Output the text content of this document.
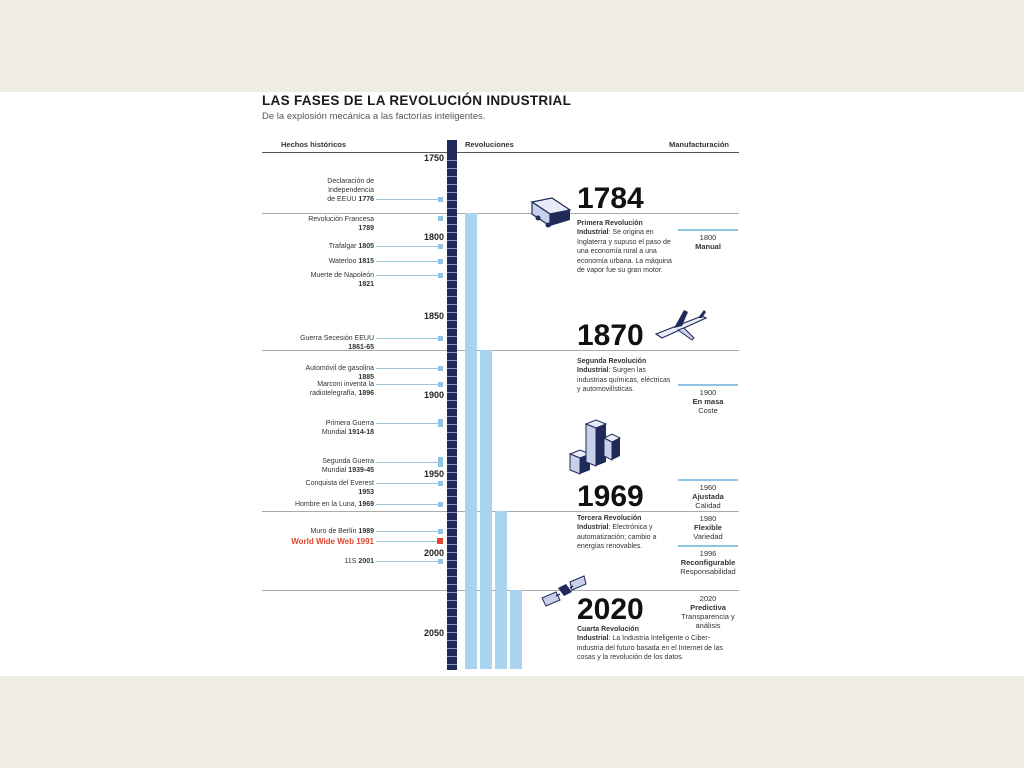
LAS FASES DE LA REVOLUCIÓN INDUSTRIAL
De la explosión mecánica a las factorías inteligentes.
Hechos históricos	Revoluciones	Manufacturación
1750
1800
1850
1900
1950
2000
2050
Declaración de
Independencia
de EEUU 1776
Revolución Francesa
1789
Trafalgar 1805
Waterloo 1815
Muerte de Napoleón
1821
Guerra Secesión EEUU
1861-65
Automóvil de gasolina
1885
Marconi inventa la
radiotelegrafía, 1896
Primera Guerra
Mundial 1914-18
Segunda Guerra
Mundial 1939-45
Conquista del Everest
1953
Hombre en la Luna, 1969
Muro de Berlín 1989
World Wide Web 1991
11S 2001
1784
Primera Revolución
Industrial: Se origina en Inglaterra y supuso el paso de una economía rural a una economía urbana. La máquina de vapor fue su gran motor.
1870
Segunda Revolución
Industrial: Surgen las industrias químicas, eléctricas y automovilísticas.
1969
Tercera Revolución
Industrial: Electrónica y automatización; cambio a energías renovables.
2020
Cuarta Revolución
Industrial: La Industria Inteligente o Ciber-industria del futuro basada en el Internet de las cosas y la revolución de los datos.
1800
Manual
1900
En masa
Coste
1960
Ajustada
Calidad
1980
Flexible
Variedad
1996
Reconfigurable
Responsabilidad
2020
Predictiva
Transparencia y análisis
